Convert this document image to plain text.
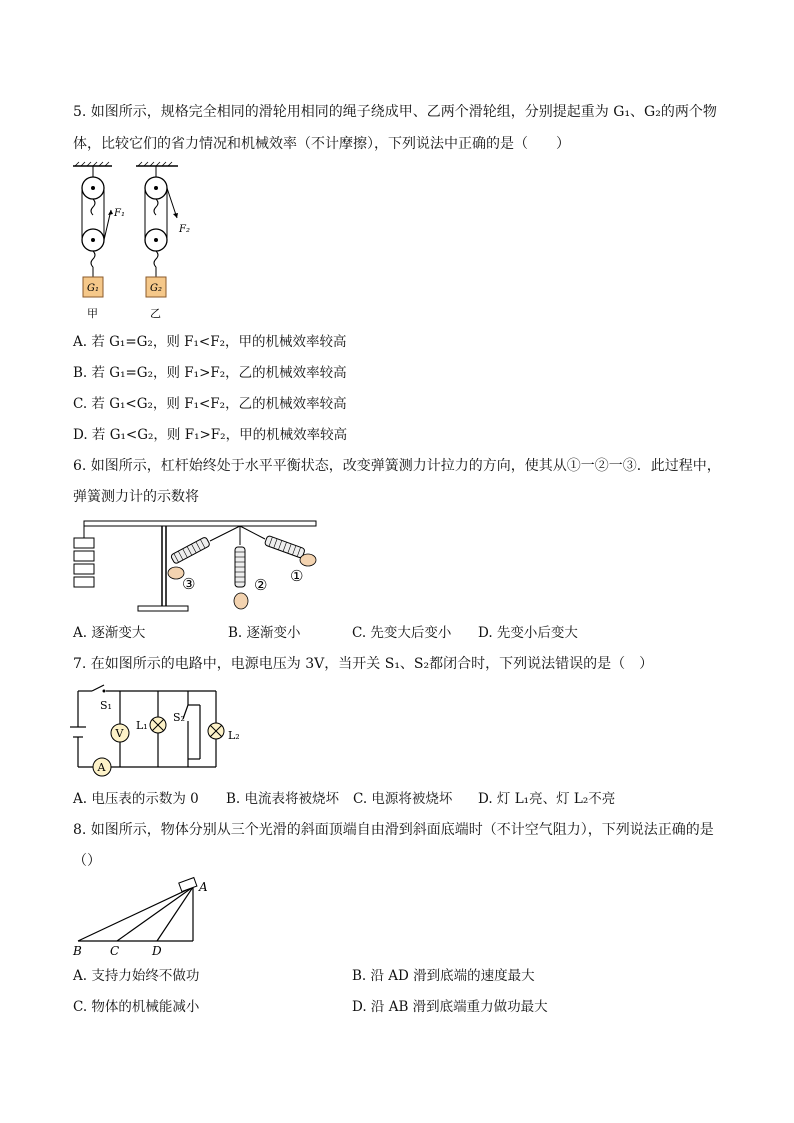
5. 如图所示，规格完全相同的滑轮用相同的绳子绕成甲、乙两个滑轮组，分别提起重为 G₁、G₂的两个物
体，比较它们的省力情况和机械效率（不计摩擦），下列说法中正确的是（　　）
F₁
F₂
G₁	G₂
甲	乙
A. 若 G₁=G₂，则 F₁<F₂，甲的机械效率较高
B. 若 G₁=G₂，则 F₁>F₂，乙的机械效率较高
C. 若 G₁<G₂，则 F₁<F₂，乙的机械效率较高
D. 若 G₁<G₂，则 F₁>F₂，甲的机械效率较高
6. 如图所示，杠杆始终处于水平平衡状态，改变弹簧测力计拉力的方向，使其从①一②一③．此过程中，
弹簧测力计的示数将
③	② ①
A. 逐渐变大	B. 逐渐变小	C. 先变大后变小 D. 先变小后变大
7. 在如图所示的电路中，电源电压为 3V，当开关 S₁、S₂都闭合时，下列说法错误的是（　）
V
A
S₁
S₂
L₁
L₂
A. 电压表的示数为 0 B. 电流表将被烧坏 C. 电源将被烧坏 D. 灯 L₁亮、灯 L₂不亮
8. 如图所示，物体分别从三个光滑的斜面顶端自由滑到斜面底端时（不计空气阻力），下列说法正确的是
（）
A
B C	D
A. 支持力始终不做功	B. 沿 AD 滑到底端的速度最大
C. 物体的机械能减小	D. 沿 AB 滑到底端重力做功最大
